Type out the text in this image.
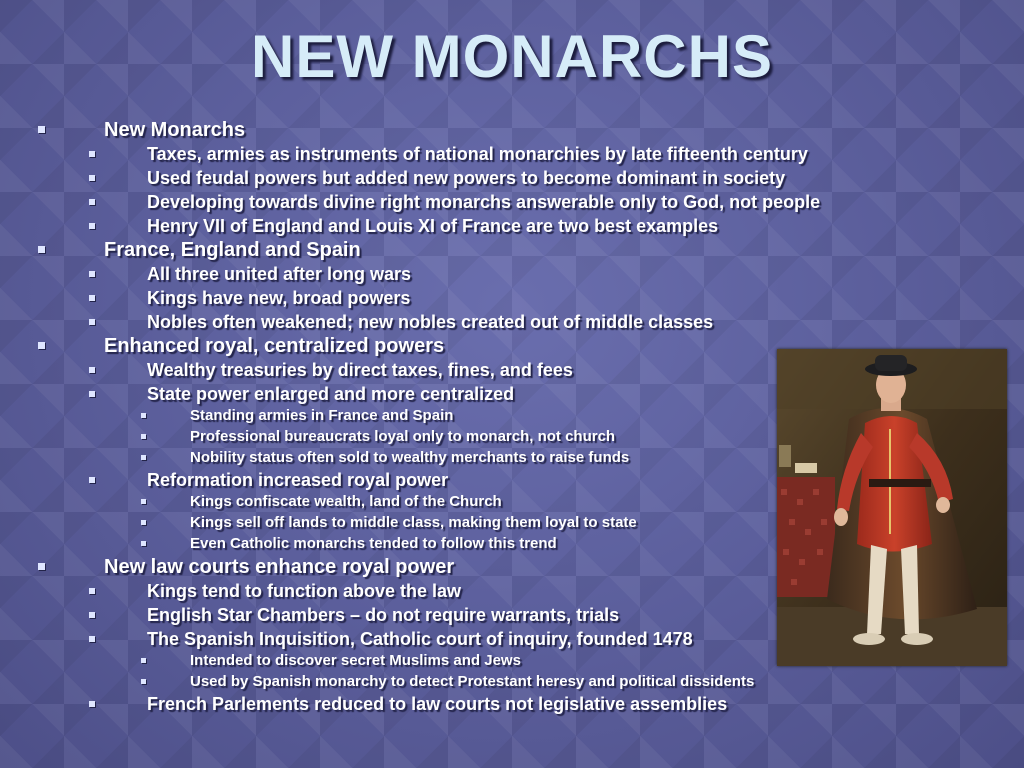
NEW MONARCHS
New Monarchs
Taxes, armies as instruments of national monarchies by late fifteenth century
Used feudal powers but added new powers to become dominant in society
Developing towards divine right monarchs answerable only to God, not people
Henry VII of England and Louis XI of France are two best examples
France, England and Spain
All three united after long wars
Kings have new, broad powers
Nobles often weakened; new nobles created out of middle classes
Enhanced royal, centralized powers
Wealthy treasuries by direct taxes, fines, and fees
State power enlarged and more centralized
Standing armies in France and Spain
Professional bureaucrats loyal only to monarch, not church
Nobility status often sold to wealthy merchants to raise funds
Reformation increased royal power
Kings confiscate wealth, land of the Church
Kings sell off lands to middle class, making them loyal to state
Even Catholic monarchs tended to follow this trend
New law courts enhance royal power
Kings tend to function above the law
English Star Chambers – do not require warrants, trials
The Spanish Inquisition, Catholic court of inquiry, founded 1478
Intended to discover secret Muslims and Jews
Used by Spanish monarchy to detect Protestant heresy and political dissidents
French Parlements reduced to law courts not legislative assemblies
